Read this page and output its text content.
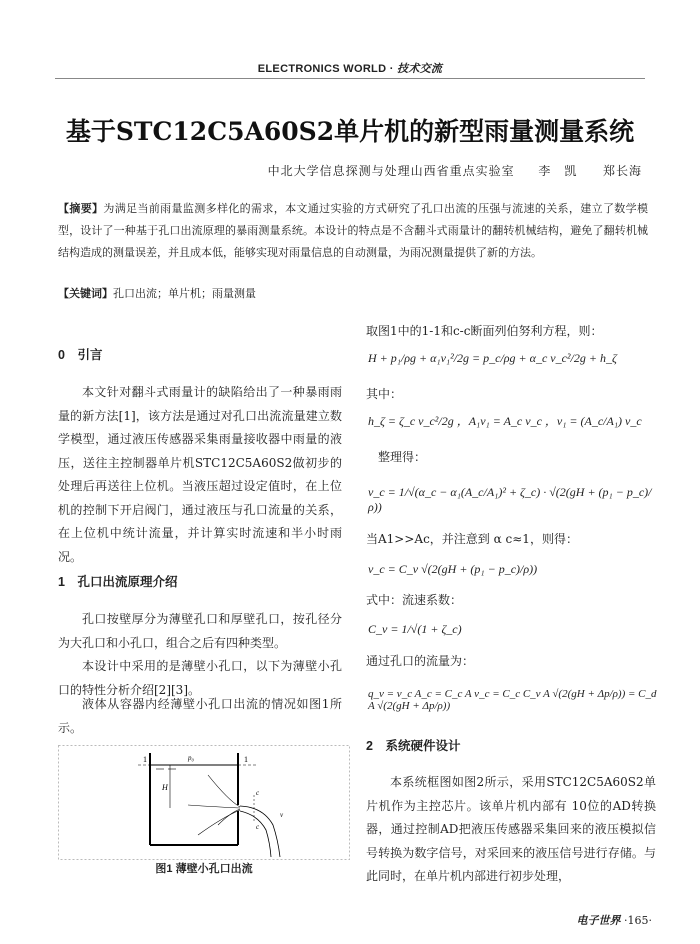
ELECTRONICS WORLD · 技术交流
基于STC12C5A60S2单片机的新型雨量测量系统
中北大学信息探测与处理山西省重点实验室 李　凯 郑长海
【摘要】为满足当前雨量监测多样化的需求，本文通过实验的方式研究了孔口出流的压强与流速的关系，建立了数学模型，设计了一种基于孔口出流原理的暴雨测量系统。本设计的特点是不含翻斗式雨量计的翻转机械结构，避免了翻转机械结构造成的测量误差，并且成本低，能够实现对雨量信息的自动测量，为雨况测量提供了新的方法。
【关键词】孔口出流；单片机；雨量测量
0　引言
本文针对翻斗式雨量计的缺陷给出了一种暴雨雨量的新方法[1]，该方法是通过对孔口出流流量建立数学模型，通过液压传感器采集雨量接收器中雨量的液压，送往主控制器单片机STC12C5A60S2做初步的处理后再送往上位机。当液压超过设定值时，在上位机的控制下开启阀门，通过液压与孔口流量的关系，在上位机中统计流量，并计算实时流速和半小时雨况。
1　孔口出流原理介绍
孔口按壁厚分为薄壁孔口和厚壁孔口，按孔径分为大孔口和小孔口，组合之后有四种类型。
本设计中采用的是薄壁小孔口，以下为薄壁小孔口的特性分析介绍[2][3]。
液体从容器内经薄壁小孔口出流的情况如图1所示。
1	1
p₀
H
c
c
v
图1 薄壁小孔口出流
取图1中的1-1和c-c断面列伯努利方程，则：
H + p₁/ρg + α₁v₁²/2g = p_c/ρg + α_c v_c²/2g + h_ζ
其中：
h_ζ = ζ_c v_c²/2g ，A₁v₁ = A_c v_c ，v₁ = (A_c/A₁) v_c
整理得：
v_c = 1/√(α_c − α₁(A_c/A₁)² + ζ_c) · √(2(gH + (p₁ − p_c)/ρ))
当A1>>Ac，并注意到 α c≈1，则得：
v_c = C_v √(2(gH + (p₁ − p_c)/ρ))
式中：流速系数：
C_v = 1/√(1 + ζ_c)
通过孔口的流量为：
q_v = v_c A_c = C_c A v_c = C_c C_v A √(2(gH + Δp/ρ)) = C_d A √(2(gH + Δp/ρ))
2　系统硬件设计
本系统框图如图2所示，采用STC12C5A60S2单片机作为主控芯片。该单片机内部有 10位的AD转换器，通过控制AD把液压传感器采集回来的液压模拟信号转换为数字信号，对采回来的液压信号进行存储。与此同时，在单片机内部进行初步处理，
电子世界 ·165·
